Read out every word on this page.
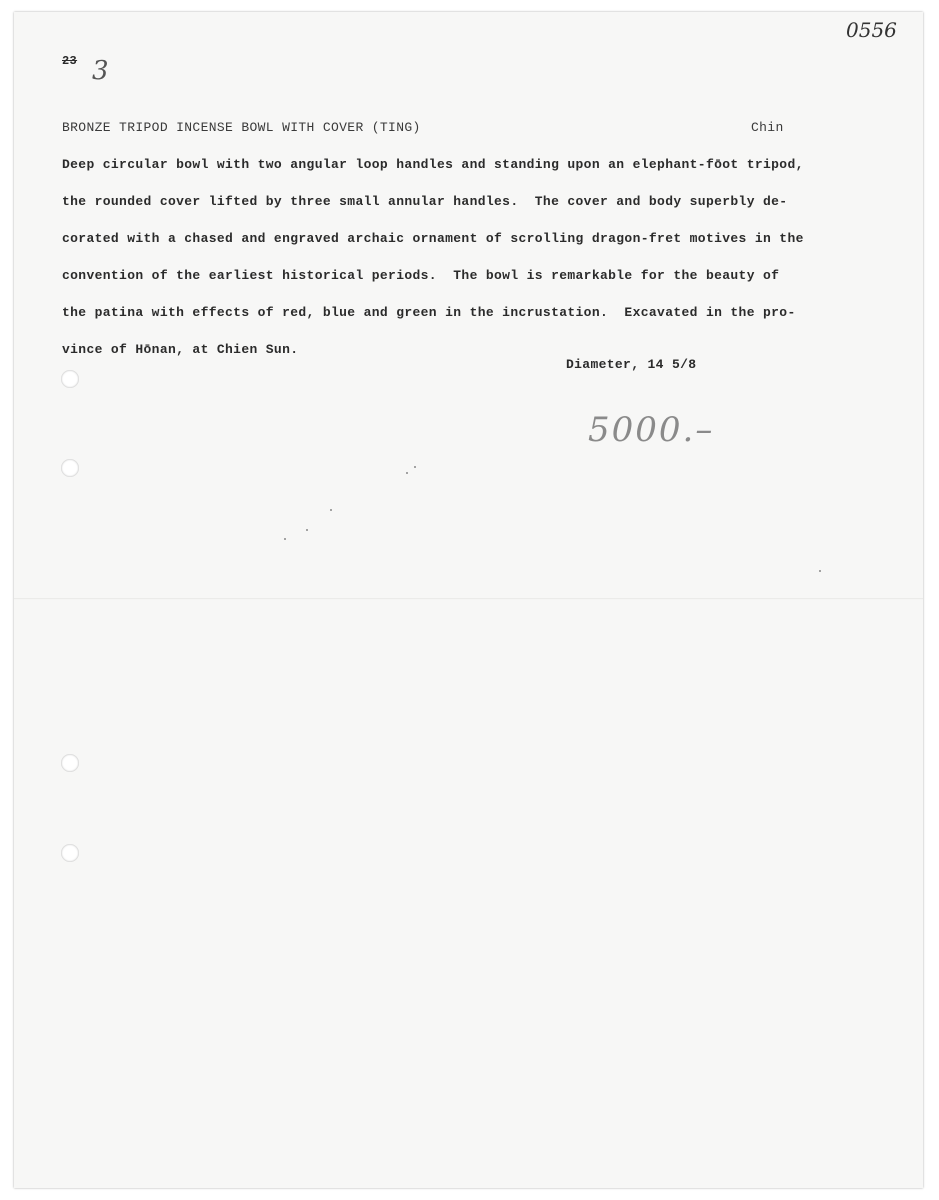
23 3
0556
BRONZE TRIPOD INCENSE BOWL WITH COVER (TING)	Chin
Deep circular bowl with two angular loop handles and standing upon an elephant-fōot tripod,
the rounded cover lifted by three small annular handles.  The cover and body superbly de-
corated with a chased and engraved archaic ornament of scrolling dragon-fret motives in the
convention of the earliest historical periods.  The bowl is remarkable for the beauty of
the patina with effects of red, blue and green in the incrustation.  Excavated in the pro-
vince of Hōnan, at Chien Sun.
Diameter, 14 5/8
5000.–
